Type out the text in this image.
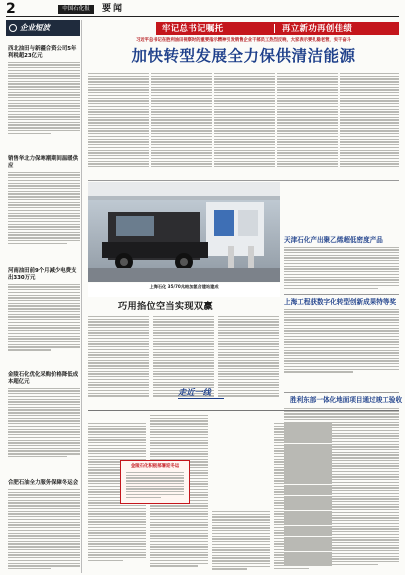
2	中国石化报	要闻
企业短波
西北油田与新疆合资公司5年利税超23亿元
销售华北力保寒潮期间温暖供应
河南油田前9个月减少电费支出330万元
金陵石化优化采购价格降低成本超亿元
合肥石油全力服务保障冬运会
牢记总书记嘱托	再立新功再创佳绩
习近平总书记在胜利油田视察时的重要指示精神引发销售企业干部员工热烈反响，大家表示要扎稳老营，实干奋斗
加快转型发展全力保供清洁能源
上海石化 35/70兆帕加氢合建站建成
天津石化产出聚乙烯超低密度产品
上海工程获数字化转型创新成果特等奖
胜利东部一体化地面项目通过竣工验收
巧用掐位空当实现双赢
走近一线
金陵石化积极部署迎冬运
